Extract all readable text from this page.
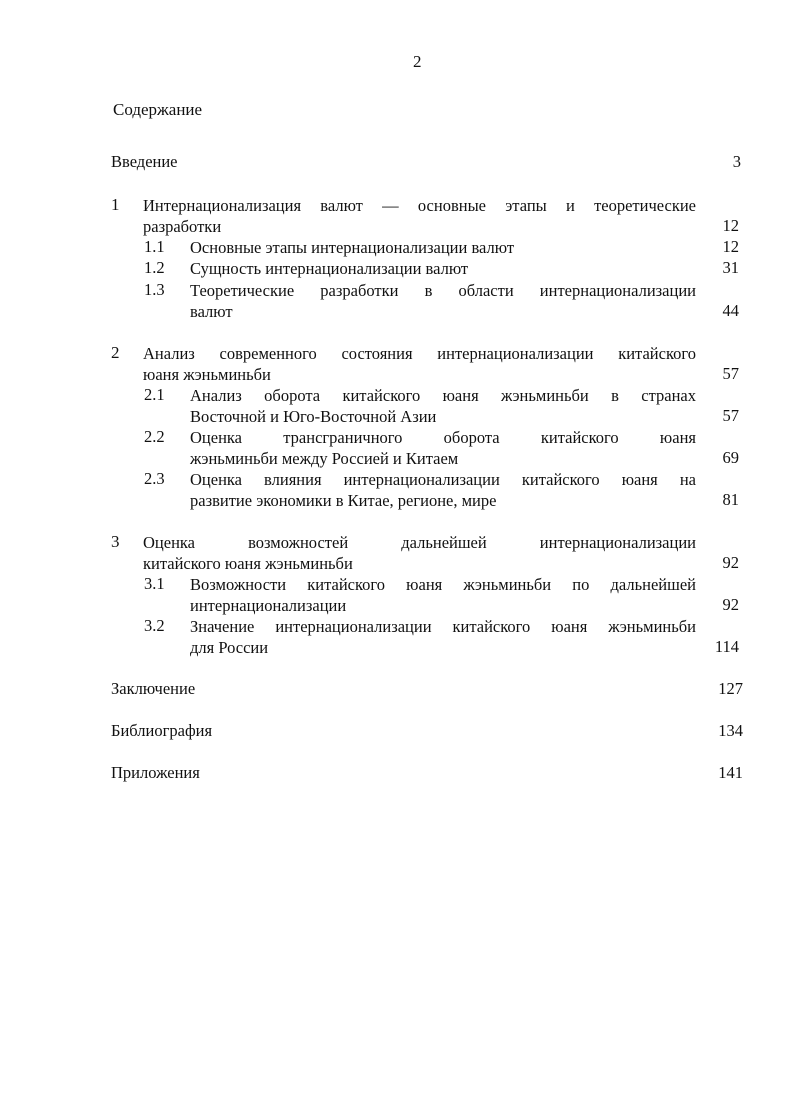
2
Содержание
Введение	3
1 Интернационализация валют — основные этапы и теоретические
разработки	12
1.1 Основные этапы интернационализации валют	12
1.2 Сущность интернационализации валют	31
1.3 Теоретические разработки в области интернационализации
валют	44
2 Анализ современного состояния интернационализации китайского
юаня жэньминьби	57
2.1 Анализ оборота китайского юаня жэньминьби в странах
Восточной и Юго-Восточной Азии	57
2.2 Оценка трансграничного оборота китайского юаня
жэньминьби между Россией и Китаем	69
2.3 Оценка влияния интернационализации китайского юаня на
развитие экономики в Китае, регионе, мире	81
3 Оценка возможностей дальнейшей интернационализации
китайского юаня жэньминьби	92
3.1 Возможности китайского юаня жэньминьби по дальнейшей
интернационализации	92
3.2 Значение интернационализации китайского юаня жэньминьби
для России	114
Заключение	127
Библиография	134
Приложения	141
